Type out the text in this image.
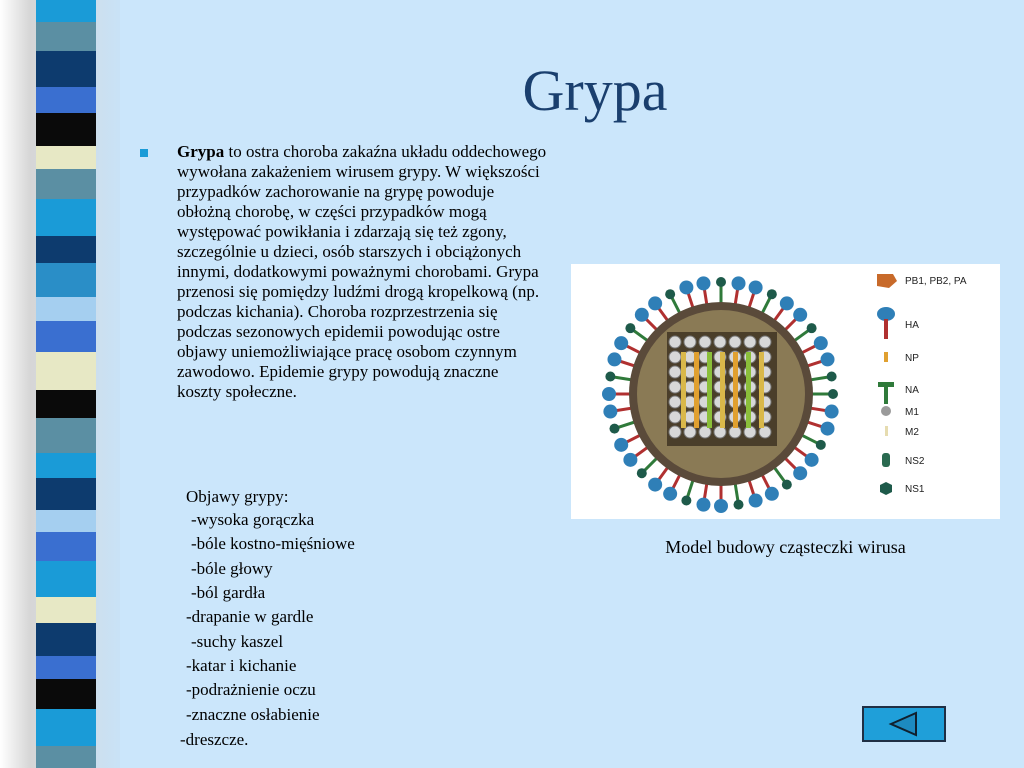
Grypa

Grypa to ostra choroba zakaźna układu oddechowego wywołana zakażeniem wirusem grypy. W większości przypadków zachorowanie na grypę powoduje obłożną chorobę, w części przypadków mogą występować powikłania i zdarzają się też zgony, szczególnie u dzieci, osób starszych i obciążonych innymi, dodatkowymi poważnymi chorobami. Grypa przenosi się pomiędzy ludźmi drogą kropelkową (np. podczas kichania). Choroba rozprzestrzenia się podczas sezonowych epidemii powodując ostre objawy uniemożliwiające pracę osobom czynnym zawodowo. Epidemie grypy powodują znaczne koszty społeczne.

Objawy grypy:
-wysoka gorączka
-bóle kostno-mięśniowe
-bóle głowy
-ból gardła
-drapanie w gardle
-suchy kaszel
-katar i kichanie
-podrażnienie oczu
-znaczne osłabienie
-dreszcze.
PB1, PB2, PA
HA
NP
NA
M1
M2
NS2
NS1
Model budowy cząsteczki wirusa
